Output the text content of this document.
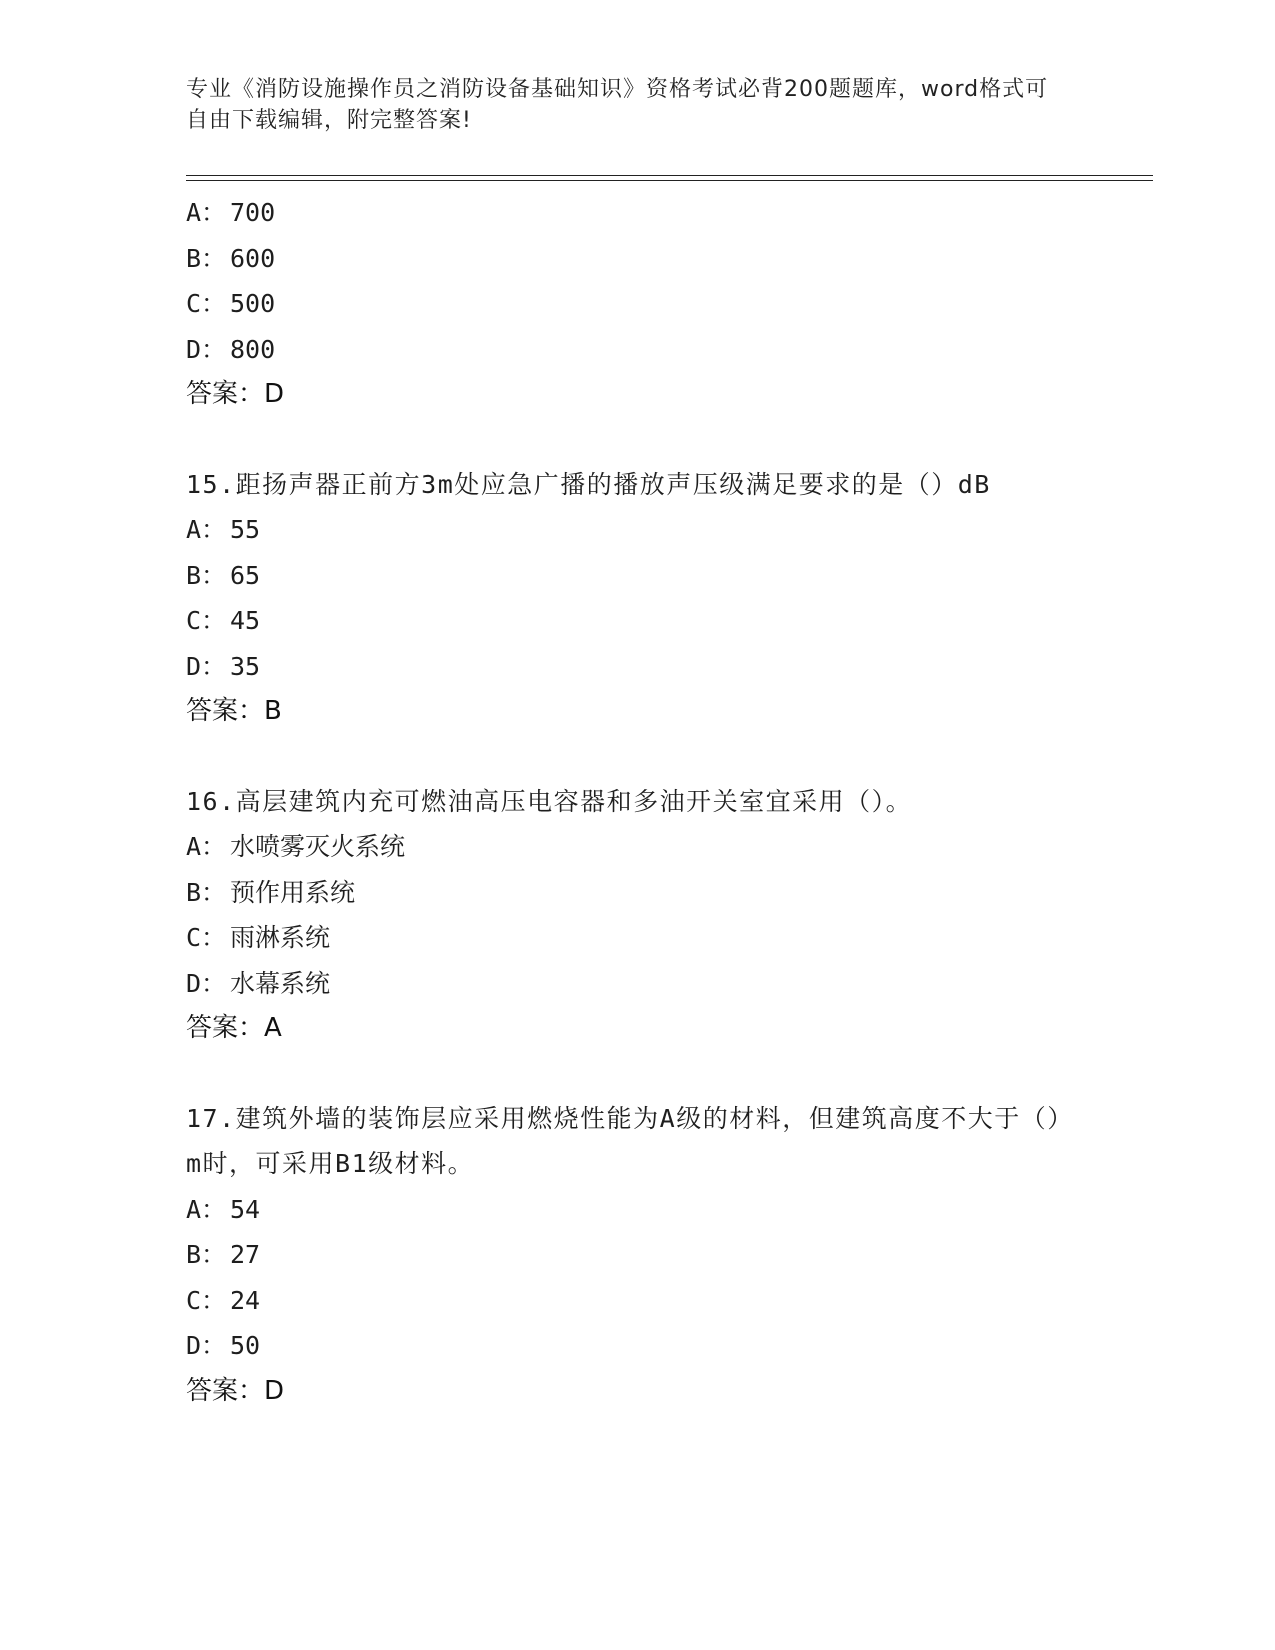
专业《消防设施操作员之消防设备基础知识》资格考试必背200题题库，word格式可自由下载编辑，附完整答案!
A： 700
B： 600
C： 500
D： 800
答案：D
15.距扬声器正前方3m处应急广播的播放声压级满足要求的是（）dB
A： 55
B： 65
C： 45
D： 35
答案：B
16.高层建筑内充可燃油高压电容器和多油开关室宜采用（）。
A： 水喷雾灭火系统
B： 预作用系统
C： 雨淋系统
D： 水幕系统
答案：A
17.建筑外墙的装饰层应采用燃烧性能为A级的材料，但建筑高度不大于（）m时，可采用B1级材料。
A： 54
B： 27
C： 24
D： 50
答案：D
